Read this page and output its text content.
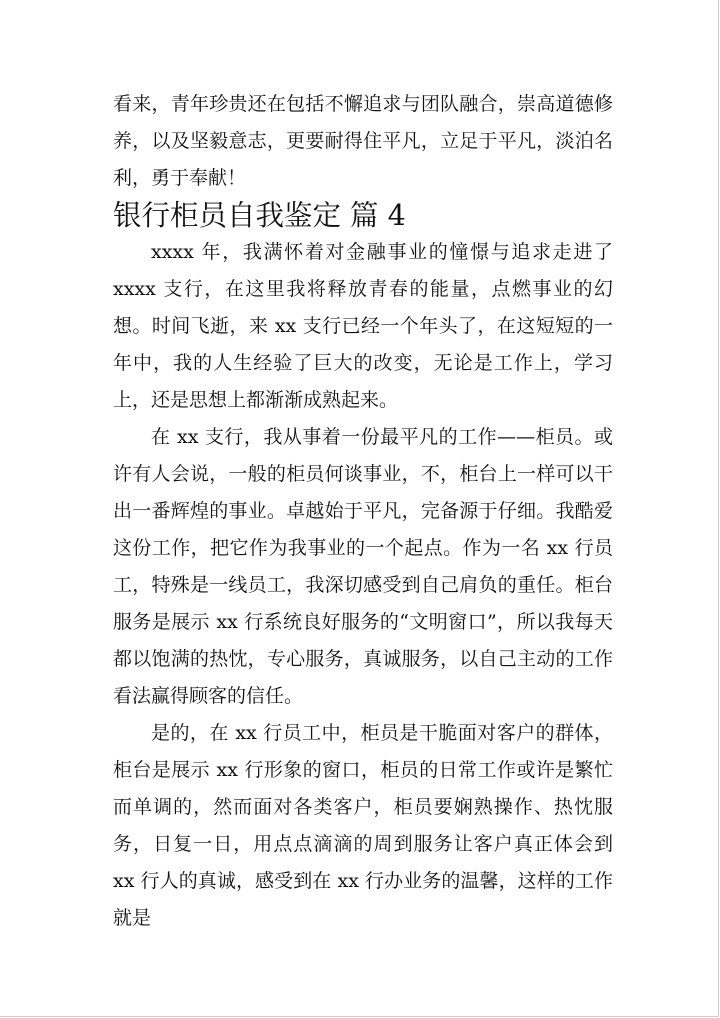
看来，青年珍贵还在包括不懈追求与团队融合，崇高道德修养，以及坚毅意志，更要耐得住平凡，立足于平凡，淡泊名利，勇于奉献！

银行柜员自我鉴定 篇 4

xxxx 年，我满怀着对金融事业的憧憬与追求走进了 xxxx 支行，在这里我将释放青春的能量，点燃事业的幻想。时间飞逝，来 xx 支行已经一个年头了，在这短短的一年中，我的人生经验了巨大的改变，无论是工作上，学习上，还是思想上都渐渐成熟起来。

在 xx 支行，我从事着一份最平凡的工作——柜员。或许有人会说，一般的柜员何谈事业，不，柜台上一样可以干出一番辉煌的事业。卓越始于平凡，完备源于仔细。我酷爱这份工作，把它作为我事业的一个起点。作为一名 xx 行员工，特殊是一线员工，我深切感受到自己肩负的重任。柜台服务是展示 xx 行系统良好服务的“文明窗口”，所以我每天都以饱满的热忱，专心服务，真诚服务，以自己主动的工作看法赢得顾客的信任。

是的，在 xx 行员工中，柜员是干脆面对客户的群体，柜台是展示 xx 行形象的窗口，柜员的日常工作或许是繁忙而单调的，然而面对各类客户，柜员要娴熟操作、热忱服务，日复一日，用点点滴滴的周到服务让客户真正体会到 xx 行人的真诚，感受到在 xx 行办业务的温馨，这样的工作就是
